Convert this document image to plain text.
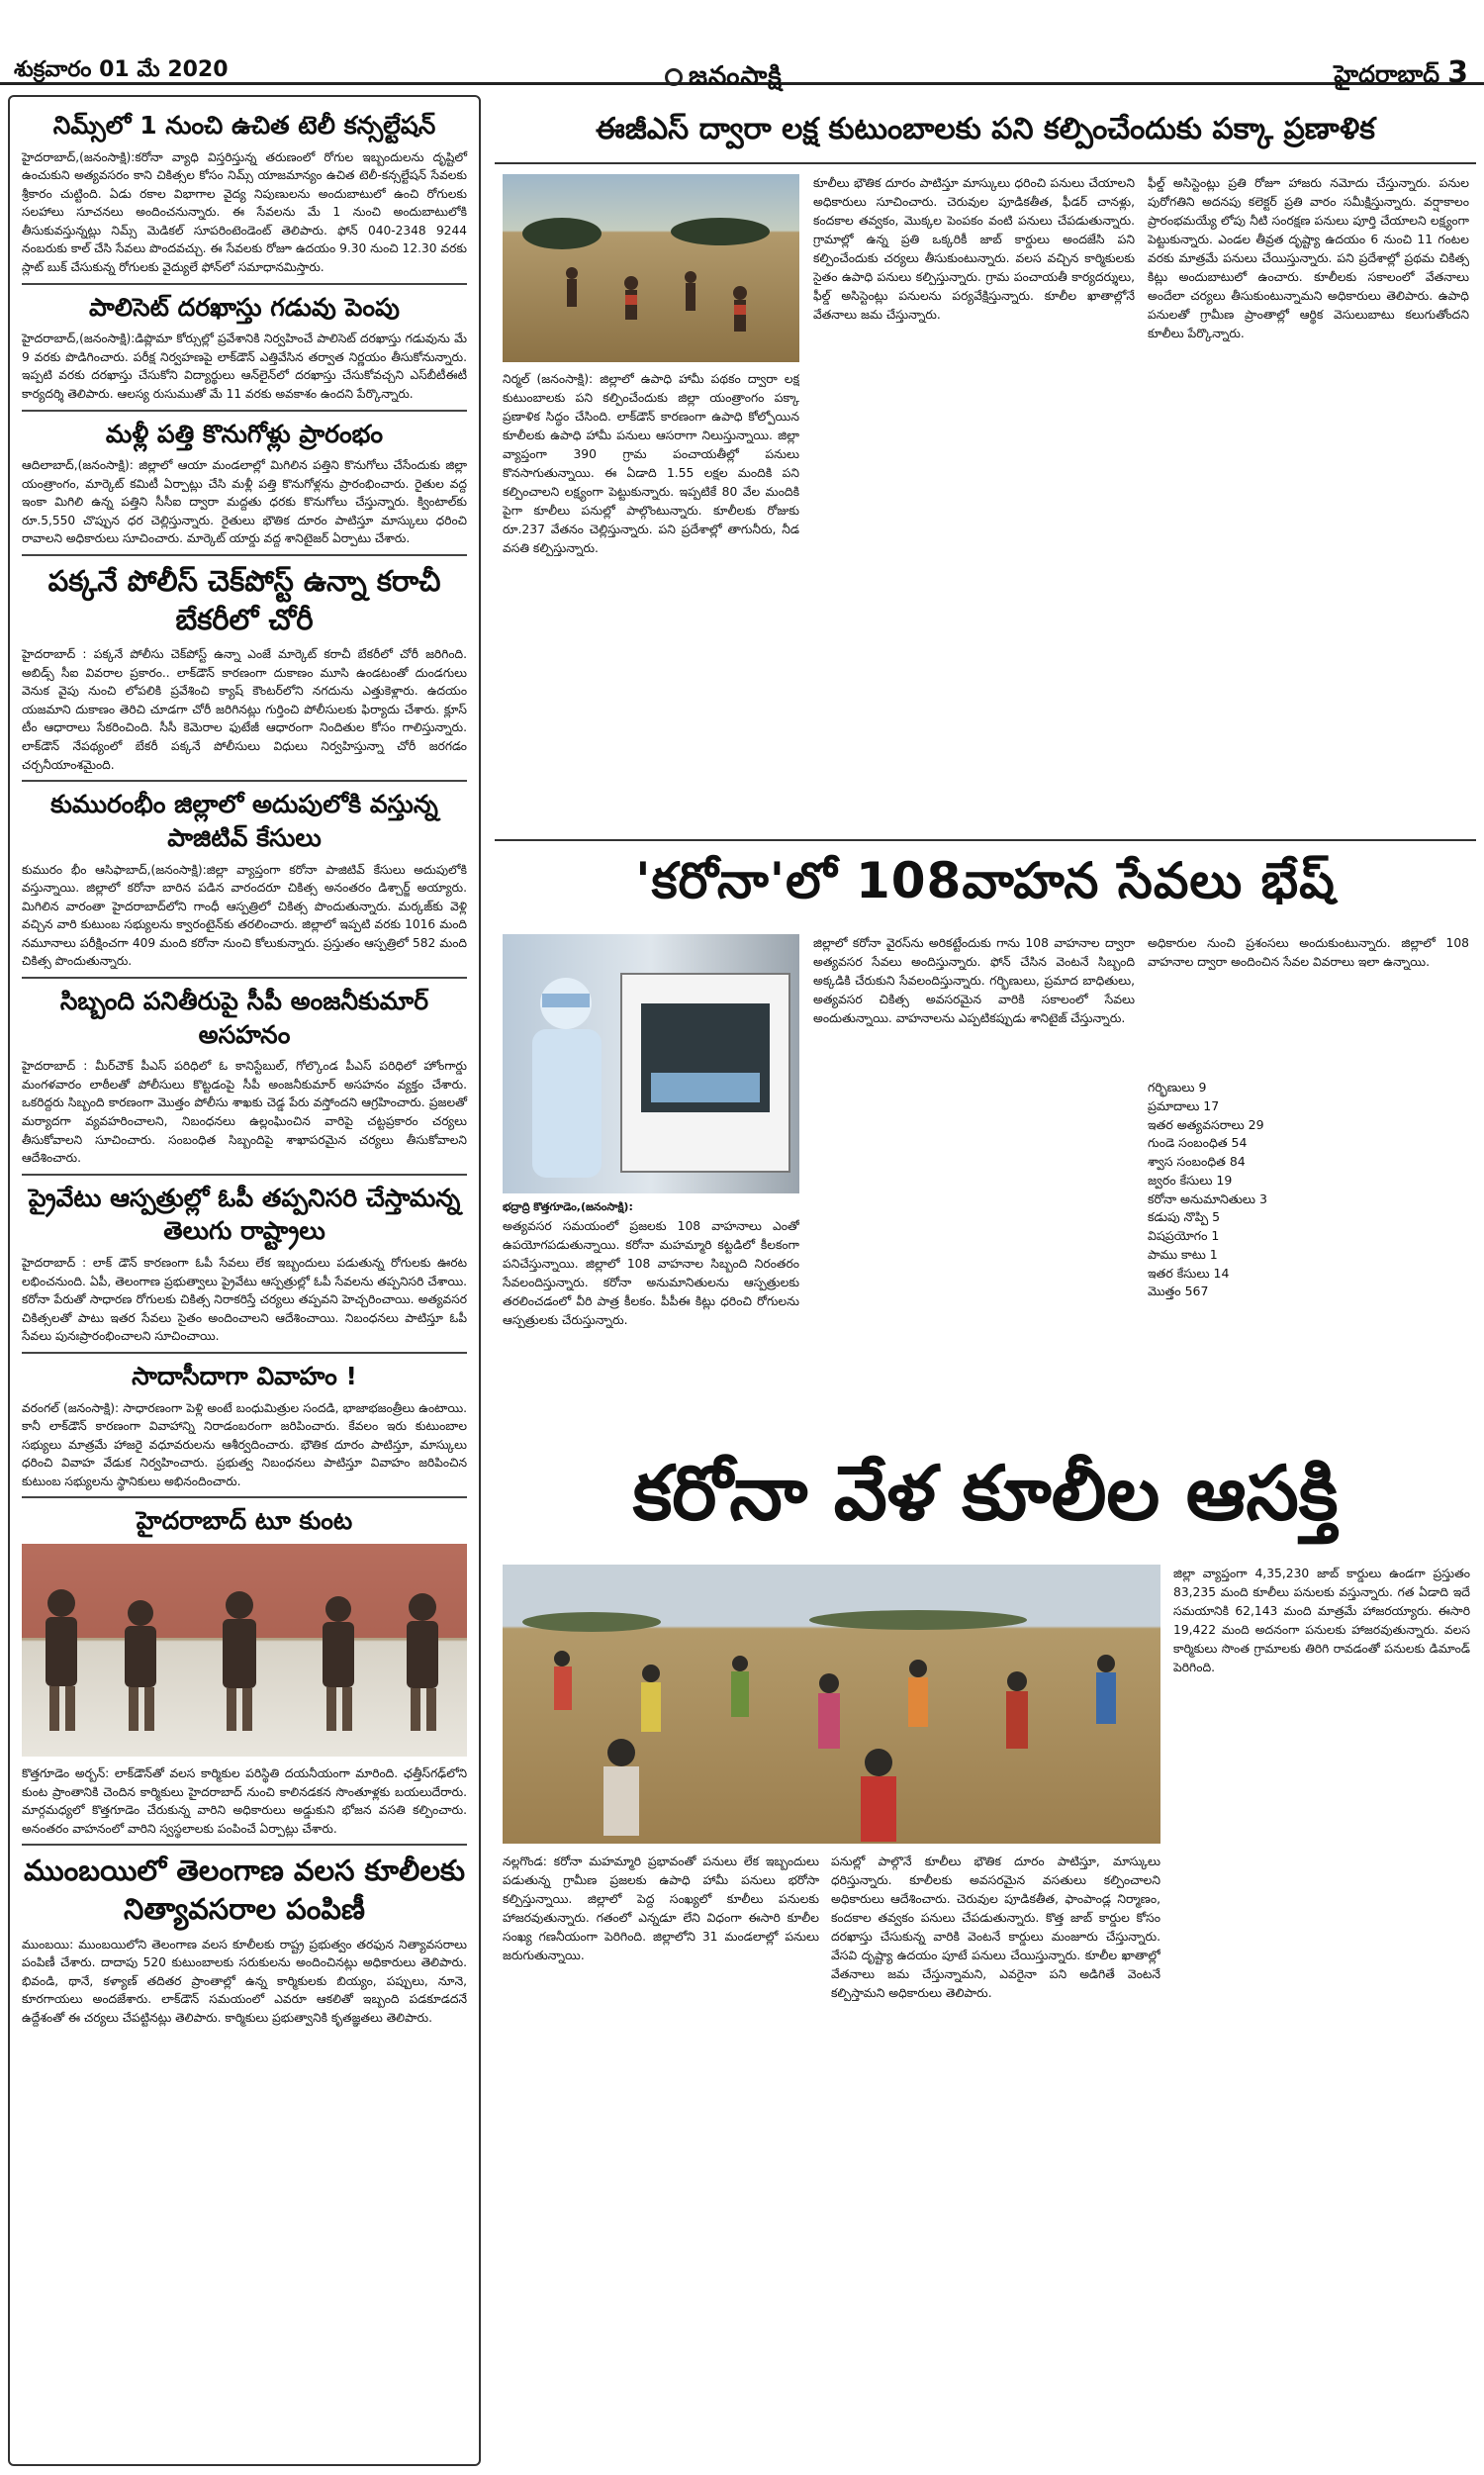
శుక్రవారం 01 మే 2020	జనంసాక్షి	హైదరాబాద్ 3
నిమ్స్‌లో 1 నుంచి ఉచిత టెలీ కన్సల్టేషన్
హైదరాబాద్,(జనంసాక్షి):కరోనా వ్యాధి విస్తరిస్తున్న తరుణంలో రోగుల ఇబ్బందులను దృష్టిలో ఉంచుకుని అత్యవసరం కాని చికిత్సల కోసం నిమ్స్ యాజమాన్యం ఉచిత టెలీ-కన్సల్టేషన్ సేవలకు శ్రీకారం చుట్టింది. ఏడు రకాల విభాగాల వైద్య నిపుణులను అందుబాటులో ఉంచి రోగులకు సలహాలు సూచనలు అందించనున్నారు. ఈ సేవలను మే 1 నుంచి అందుబాటులోకి తీసుకువస్తున్నట్లు నిమ్స్ మెడికల్ సూపరింటెండెంట్ తెలిపారు. ఫోన్ 040-2348 9244 నంబరుకు కాల్ చేసి సేవలు పొందవచ్చు. ఈ సేవలకు రోజూ ఉదయం 9.30 నుంచి 12.30 వరకు స్లాట్ బుక్ చేసుకున్న రోగులకు వైద్యులే ఫోన్‌లో సమాధానమిస్తారు.
పాలిసెట్ దరఖాస్తు గడువు పెంపు
హైదరాబాద్,(జనంసాక్షి):డిప్లొమా కోర్సుల్లో ప్రవేశానికి నిర్వహించే పాలిసెట్ దరఖాస్తు గడువును మే 9 వరకు పొడిగించారు. పరీక్ష నిర్వహణపై లాక్‌డౌన్ ఎత్తివేసిన తర్వాత నిర్ణయం తీసుకోనున్నారు. ఇప్పటి వరకు దరఖాస్తు చేసుకోని విద్యార్థులు ఆన్‌లైన్‌లో దరఖాస్తు చేసుకోవచ్చని ఎస్‌బీటీఈటీ కార్యదర్శి తెలిపారు. ఆలస్య రుసుముతో మే 11 వరకు అవకాశం ఉందని పేర్కొన్నారు.
మళ్లీ పత్తి కొనుగోళ్లు ప్రారంభం
ఆదిలాబాద్,(జనంసాక్షి): జిల్లాలో ఆయా మండలాల్లో మిగిలిన పత్తిని కొనుగోలు చేసేందుకు జిల్లా యంత్రాంగం, మార్కెట్ కమిటీ ఏర్పాట్లు చేసి మళ్లీ పత్తి కొనుగోళ్లను ప్రారంభించారు. రైతుల వద్ద ఇంకా మిగిలి ఉన్న పత్తిని సీసీఐ ద్వారా మద్దతు ధరకు కొనుగోలు చేస్తున్నారు. క్వింటాల్‌కు రూ.5,550 చొప్పున ధర చెల్లిస్తున్నారు. రైతులు భౌతిక దూరం పాటిస్తూ మాస్కులు ధరించి రావాలని అధికారులు సూచించారు. మార్కెట్ యార్డు వద్ద శానిటైజర్ ఏర్పాటు చేశారు.
పక్కనే పోలీస్ చెక్‌పోస్ట్ ఉన్నా కరాచీ బేకరీలో చోరీ
హైదరాబాద్ : పక్కనే పోలీసు చెక్‌పోస్ట్ ఉన్నా ఎంజే మార్కెట్ కరాచీ బేకరీలో చోరీ జరిగింది. అబిడ్స్ సీఐ వివరాల ప్రకారం.. లాక్‌డౌన్ కారణంగా దుకాణం మూసి ఉండటంతో దుండగులు వెనుక వైపు నుంచి లోపలికి ప్రవేశించి క్యాష్ కౌంటర్‌లోని నగదును ఎత్తుకెళ్లారు. ఉదయం యజమాని దుకాణం తెరిచి చూడగా చోరీ జరిగినట్లు గుర్తించి పోలీసులకు ఫిర్యాదు చేశారు. క్లూస్ టీం ఆధారాలు సేకరించింది. సీసీ కెమెరాల ఫుటేజీ ఆధారంగా నిందితుల కోసం గాలిస్తున్నారు. లాక్‌డౌన్ నేపథ్యంలో బేకరీ పక్కనే పోలీసులు విధులు నిర్వహిస్తున్నా చోరీ జరగడం చర్చనీయాంశమైంది.
కుమురంభీం జిల్లాలో అదుపులోకి వస్తున్న పాజిటివ్ కేసులు
కుమురం భీం ఆసిఫాబాద్,(జనంసాక్షి):జిల్లా వ్యాప్తంగా కరోనా పాజిటివ్ కేసులు అదుపులోకి వస్తున్నాయి. జిల్లాలో కరోనా బారిన పడిన వారందరూ చికిత్స అనంతరం డిశ్చార్జ్ అయ్యారు. మిగిలిన వారంతా హైదరాబాద్‌లోని గాంధీ ఆస్పత్రిలో చికిత్స పొందుతున్నారు. మర్కజ్‌కు వెళ్లి వచ్చిన వారి కుటుంబ సభ్యులను క్వారంటైన్‌కు తరలించారు. జిల్లాలో ఇప్పటి వరకు 1016 మంది నమూనాలు పరీక్షించగా 409 మంది కరోనా నుంచి కోలుకున్నారు. ప్రస్తుతం ఆస్పత్రిలో 582 మంది చికిత్స పొందుతున్నారు.
సిబ్బంది పనితీరుపై సీపీ అంజనీకుమార్ అసహనం
హైదరాబాద్ : మీర్‌చౌక్ పీఎస్ పరిధిలో ఓ కానిస్టేబుల్, గోల్కొండ పీఎస్ పరిధిలో హోంగార్డు మంగళవారం లాఠీలతో పోలీసులు కొట్టడంపై సీపీ అంజనీకుమార్ అసహనం వ్యక్తం చేశారు. ఒకరిద్దరు సిబ్బంది కారణంగా మొత్తం పోలీసు శాఖకు చెడ్డ పేరు వస్తోందని ఆగ్రహించారు. ప్రజలతో మర్యాదగా వ్యవహరించాలని, నిబంధనలు ఉల్లంఘించిన వారిపై చట్టప్రకారం చర్యలు తీసుకోవాలని సూచించారు. సంబంధిత సిబ్బందిపై శాఖాపరమైన చర్యలు తీసుకోవాలని ఆదేశించారు.
ప్రైవేటు ఆస్పత్రుల్లో ఓపీ తప్పనిసరి చేస్తామన్న తెలుగు రాష్ట్రాలు
హైదరాబాద్ : లాక్ డౌన్ కారణంగా ఓపీ సేవలు లేక ఇబ్బందులు పడుతున్న రోగులకు ఊరట లభించనుంది. ఏపీ, తెలంగాణ ప్రభుత్వాలు ప్రైవేటు ఆస్పత్రుల్లో ఓపీ సేవలను తప్పనిసరి చేశాయి. కరోనా పేరుతో సాధారణ రోగులకు చికిత్స నిరాకరిస్తే చర్యలు తప్పవని హెచ్చరించాయి. అత్యవసర చికిత్సలతో పాటు ఇతర సేవలు సైతం అందించాలని ఆదేశించాయి. నిబంధనలు పాటిస్తూ ఓపీ సేవలు పునఃప్రారంభించాలని సూచించాయి.
సాదాసీదాగా వివాహం !
వరంగల్ (జనంసాక్షి): సాధారణంగా పెళ్లి అంటే బంధుమిత్రుల సందడి, భాజాభజంత్రీలు ఉంటాయి. కానీ లాక్‌డౌన్ కారణంగా వివాహాన్ని నిరాడంబరంగా జరిపించారు. కేవలం ఇరు కుటుంబాల సభ్యులు మాత్రమే హాజరై వధూవరులను ఆశీర్వదించారు. భౌతిక దూరం పాటిస్తూ, మాస్కులు ధరించి వివాహ వేడుక నిర్వహించారు. ప్రభుత్వ నిబంధనలు పాటిస్తూ వివాహం జరిపించిన కుటుంబ సభ్యులను స్థానికులు అభినందించారు.
హైదరాబాద్ టూ కుంట
కొత్తగూడెం అర్బన్: లాక్‌డౌన్‌తో వలస కార్మికుల పరిస్థితి దయనీయంగా మారింది. ఛత్తీస్‌గఢ్‌లోని కుంట ప్రాంతానికి చెందిన కార్మికులు హైదరాబాద్ నుంచి కాలినడకన సొంతూళ్లకు బయలుదేరారు. మార్గమధ్యలో కొత్తగూడెం చేరుకున్న వారిని అధికారులు అడ్డుకుని భోజన వసతి కల్పించారు. అనంతరం వాహనంలో వారిని స్వస్థలాలకు పంపించే ఏర్పాట్లు చేశారు.
ముంబయిలో తెలంగాణ వలస కూలీలకు నిత్యావసరాల పంపిణీ
ముంబయి: ముంబయిలోని తెలంగాణ వలస కూలీలకు రాష్ట్ర ప్రభుత్వం తరఫున నిత్యావసరాలు పంపిణీ చేశారు. దాదాపు 520 కుటుంబాలకు సరుకులను అందించినట్లు అధికారులు తెలిపారు. భివండి, థానే, కళ్యాణ్ తదితర ప్రాంతాల్లో ఉన్న కార్మికులకు బియ్యం, పప్పులు, నూనె, కూరగాయలు అందజేశారు. లాక్‌డౌన్ సమయంలో ఎవరూ ఆకలితో ఇబ్బంది పడకూడదనే ఉద్దేశంతో ఈ చర్యలు చేపట్టినట్లు తెలిపారు. కార్మికులు ప్రభుత్వానికి కృతజ్ఞతలు తెలిపారు.
ఈజీఎస్ ద్వారా లక్ష కుటుంబాలకు పని కల్పించేందుకు పక్కా ప్రణాళిక

నిర్మల్ (జనంసాక్షి): జిల్లాలో ఉపాధి హామీ పథకం ద్వారా లక్ష కుటుంబాలకు పని కల్పించేందుకు జిల్లా యంత్రాంగం పక్కా ప్రణాళిక సిద్ధం చేసింది. లాక్‌డౌన్ కారణంగా ఉపాధి కోల్పోయిన కూలీలకు ఉపాధి హామీ పనులు ఆసరాగా నిలుస్తున్నాయి. జిల్లా వ్యాప్తంగా 390 గ్రామ పంచాయతీల్లో పనులు కొనసాగుతున్నాయి. ఈ ఏడాది 1.55 లక్షల మందికి పని కల్పించాలని లక్ష్యంగా పెట్టుకున్నారు. ఇప్పటికే 80 వేల మందికి పైగా కూలీలు పనుల్లో పాల్గొంటున్నారు. కూలీలకు రోజుకు రూ.237 వేతనం చెల్లిస్తున్నారు. పని ప్రదేశాల్లో తాగునీరు, నీడ వసతి కల్పిస్తున్నారు.

కూలీలు భౌతిక దూరం పాటిస్తూ మాస్కులు ధరించి పనులు చేయాలని అధికారులు సూచించారు. చెరువుల పూడికతీత, ఫీడర్ చానళ్లు, కందకాల తవ్వకం, మొక్కల పెంపకం వంటి పనులు చేపడుతున్నారు. గ్రామాల్లో ఉన్న ప్రతి ఒక్కరికీ జాబ్ కార్డులు అందజేసి పని కల్పించేందుకు చర్యలు తీసుకుంటున్నారు. వలస వచ్చిన కార్మికులకు సైతం ఉపాధి పనులు కల్పిస్తున్నారు. గ్రామ పంచాయతీ కార్యదర్శులు, ఫీల్డ్ అసిస్టెంట్లు పనులను పర్యవేక్షిస్తున్నారు. కూలీల ఖాతాల్లోనే వేతనాలు జమ చేస్తున్నారు.

ఫీల్డ్ అసిస్టెంట్లు ప్రతి రోజూ హాజరు నమోదు చేస్తున్నారు. పనుల పురోగతిని అదనపు కలెక్టర్ ప్రతి వారం సమీక్షిస్తున్నారు. వర్షాకాలం ప్రారంభమయ్యే లోపు నీటి సంరక్షణ పనులు పూర్తి చేయాలని లక్ష్యంగా పెట్టుకున్నారు. ఎండల తీవ్రత దృష్ట్యా ఉదయం 6 నుంచి 11 గంటల వరకు మాత్రమే పనులు చేయిస్తున్నారు. పని ప్రదేశాల్లో ప్రథమ చికిత్స కిట్లు అందుబాటులో ఉంచారు. కూలీలకు సకాలంలో వేతనాలు అందేలా చర్యలు తీసుకుంటున్నామని అధికారులు తెలిపారు. ఉపాధి పనులతో గ్రామీణ ప్రాంతాల్లో ఆర్థిక వెసులుబాటు కలుగుతోందని కూలీలు పేర్కొన్నారు.

'కరోనా'లో 108వాహన సేవలు భేష్
భద్రాద్రి కొత్తగూడెం,(జనంసాక్షి):

అత్యవసర సమయంలో ప్రజలకు 108 వాహనాలు ఎంతో ఉపయోగపడుతున్నాయి. కరోనా మహమ్మారి కట్టడిలో కీలకంగా పనిచేస్తున్నాయి. జిల్లాలో 108 వాహనాల సిబ్బంది నిరంతరం సేవలందిస్తున్నారు. కరోనా అనుమానితులను ఆస్పత్రులకు తరలించడంలో వీరి పాత్ర కీలకం. పీపీఈ కిట్లు ధరించి రోగులను ఆస్పత్రులకు చేరుస్తున్నారు.

జిల్లాలో కరోనా వైరస్‌ను అరికట్టేందుకు గాను 108 వాహనాల ద్వారా అత్యవసర సేవలు అందిస్తున్నారు. ఫోన్ చేసిన వెంటనే సిబ్బంది అక్కడికి చేరుకుని సేవలందిస్తున్నారు. గర్భిణులు, ప్రమాద బాధితులు, అత్యవసర చికిత్స అవసరమైన వారికి సకాలంలో సేవలు అందుతున్నాయి. వాహనాలను ఎప్పటికప్పుడు శానిటైజ్ చేస్తున్నారు.

అధికారుల నుంచి ప్రశంసలు అందుకుంటున్నారు. జిల్లాలో 108 వాహనాల ద్వారా అందించిన సేవల వివరాలు ఇలా ఉన్నాయి.

గర్భిణులు 9
ప్రమాదాలు 17
ఇతర అత్యవసరాలు 29
గుండె సంబంధిత 54
శ్వాస సంబంధిత 84
జ్వరం కేసులు 19
కరోనా అనుమానితులు 3
కడుపు నొప్పి 5
విషప్రయోగం 1
పాము కాటు 1
ఇతర కేసులు 14
మొత్తం 567
కరోనా వేళ కూలీల ఆసక్తి

జిల్లా వ్యాప్తంగా 4,35,230 జాబ్ కార్డులు ఉండగా ప్రస్తుతం 83,235 మంది కూలీలు పనులకు వస్తున్నారు. గత ఏడాది ఇదే సమయానికి 62,143 మంది మాత్రమే హాజరయ్యారు. ఈసారి 19,422 మంది అదనంగా పనులకు హాజరవుతున్నారు. వలస కార్మికులు సొంత గ్రామాలకు తిరిగి రావడంతో పనులకు డిమాండ్ పెరిగింది.

నల్లగొండ: కరోనా మహమ్మారి ప్రభావంతో పనులు లేక ఇబ్బందులు పడుతున్న గ్రామీణ ప్రజలకు ఉపాధి హామీ పనులు భరోసా కల్పిస్తున్నాయి. జిల్లాలో పెద్ద సంఖ్యలో కూలీలు పనులకు హాజరవుతున్నారు. గతంలో ఎన్నడూ లేని విధంగా ఈసారి కూలీల సంఖ్య గణనీయంగా పెరిగింది. జిల్లాలోని 31 మండలాల్లో పనులు జరుగుతున్నాయి.

పనుల్లో పాల్గొనే కూలీలు భౌతిక దూరం పాటిస్తూ, మాస్కులు ధరిస్తున్నారు. కూలీలకు అవసరమైన వసతులు కల్పించాలని అధికారులు ఆదేశించారు. చెరువుల పూడికతీత, ఫాంపాండ్ల నిర్మాణం, కందకాల తవ్వకం పనులు చేపడుతున్నారు. కొత్త జాబ్ కార్డుల కోసం దరఖాస్తు చేసుకున్న వారికి వెంటనే కార్డులు మంజూరు చేస్తున్నారు. వేసవి దృష్ట్యా ఉదయం పూటే పనులు చేయిస్తున్నారు. కూలీల ఖాతాల్లో వేతనాలు జమ చేస్తున్నామని, ఎవరైనా పని అడిగితే వెంటనే కల్పిస్తామని అధికారులు తెలిపారు.
